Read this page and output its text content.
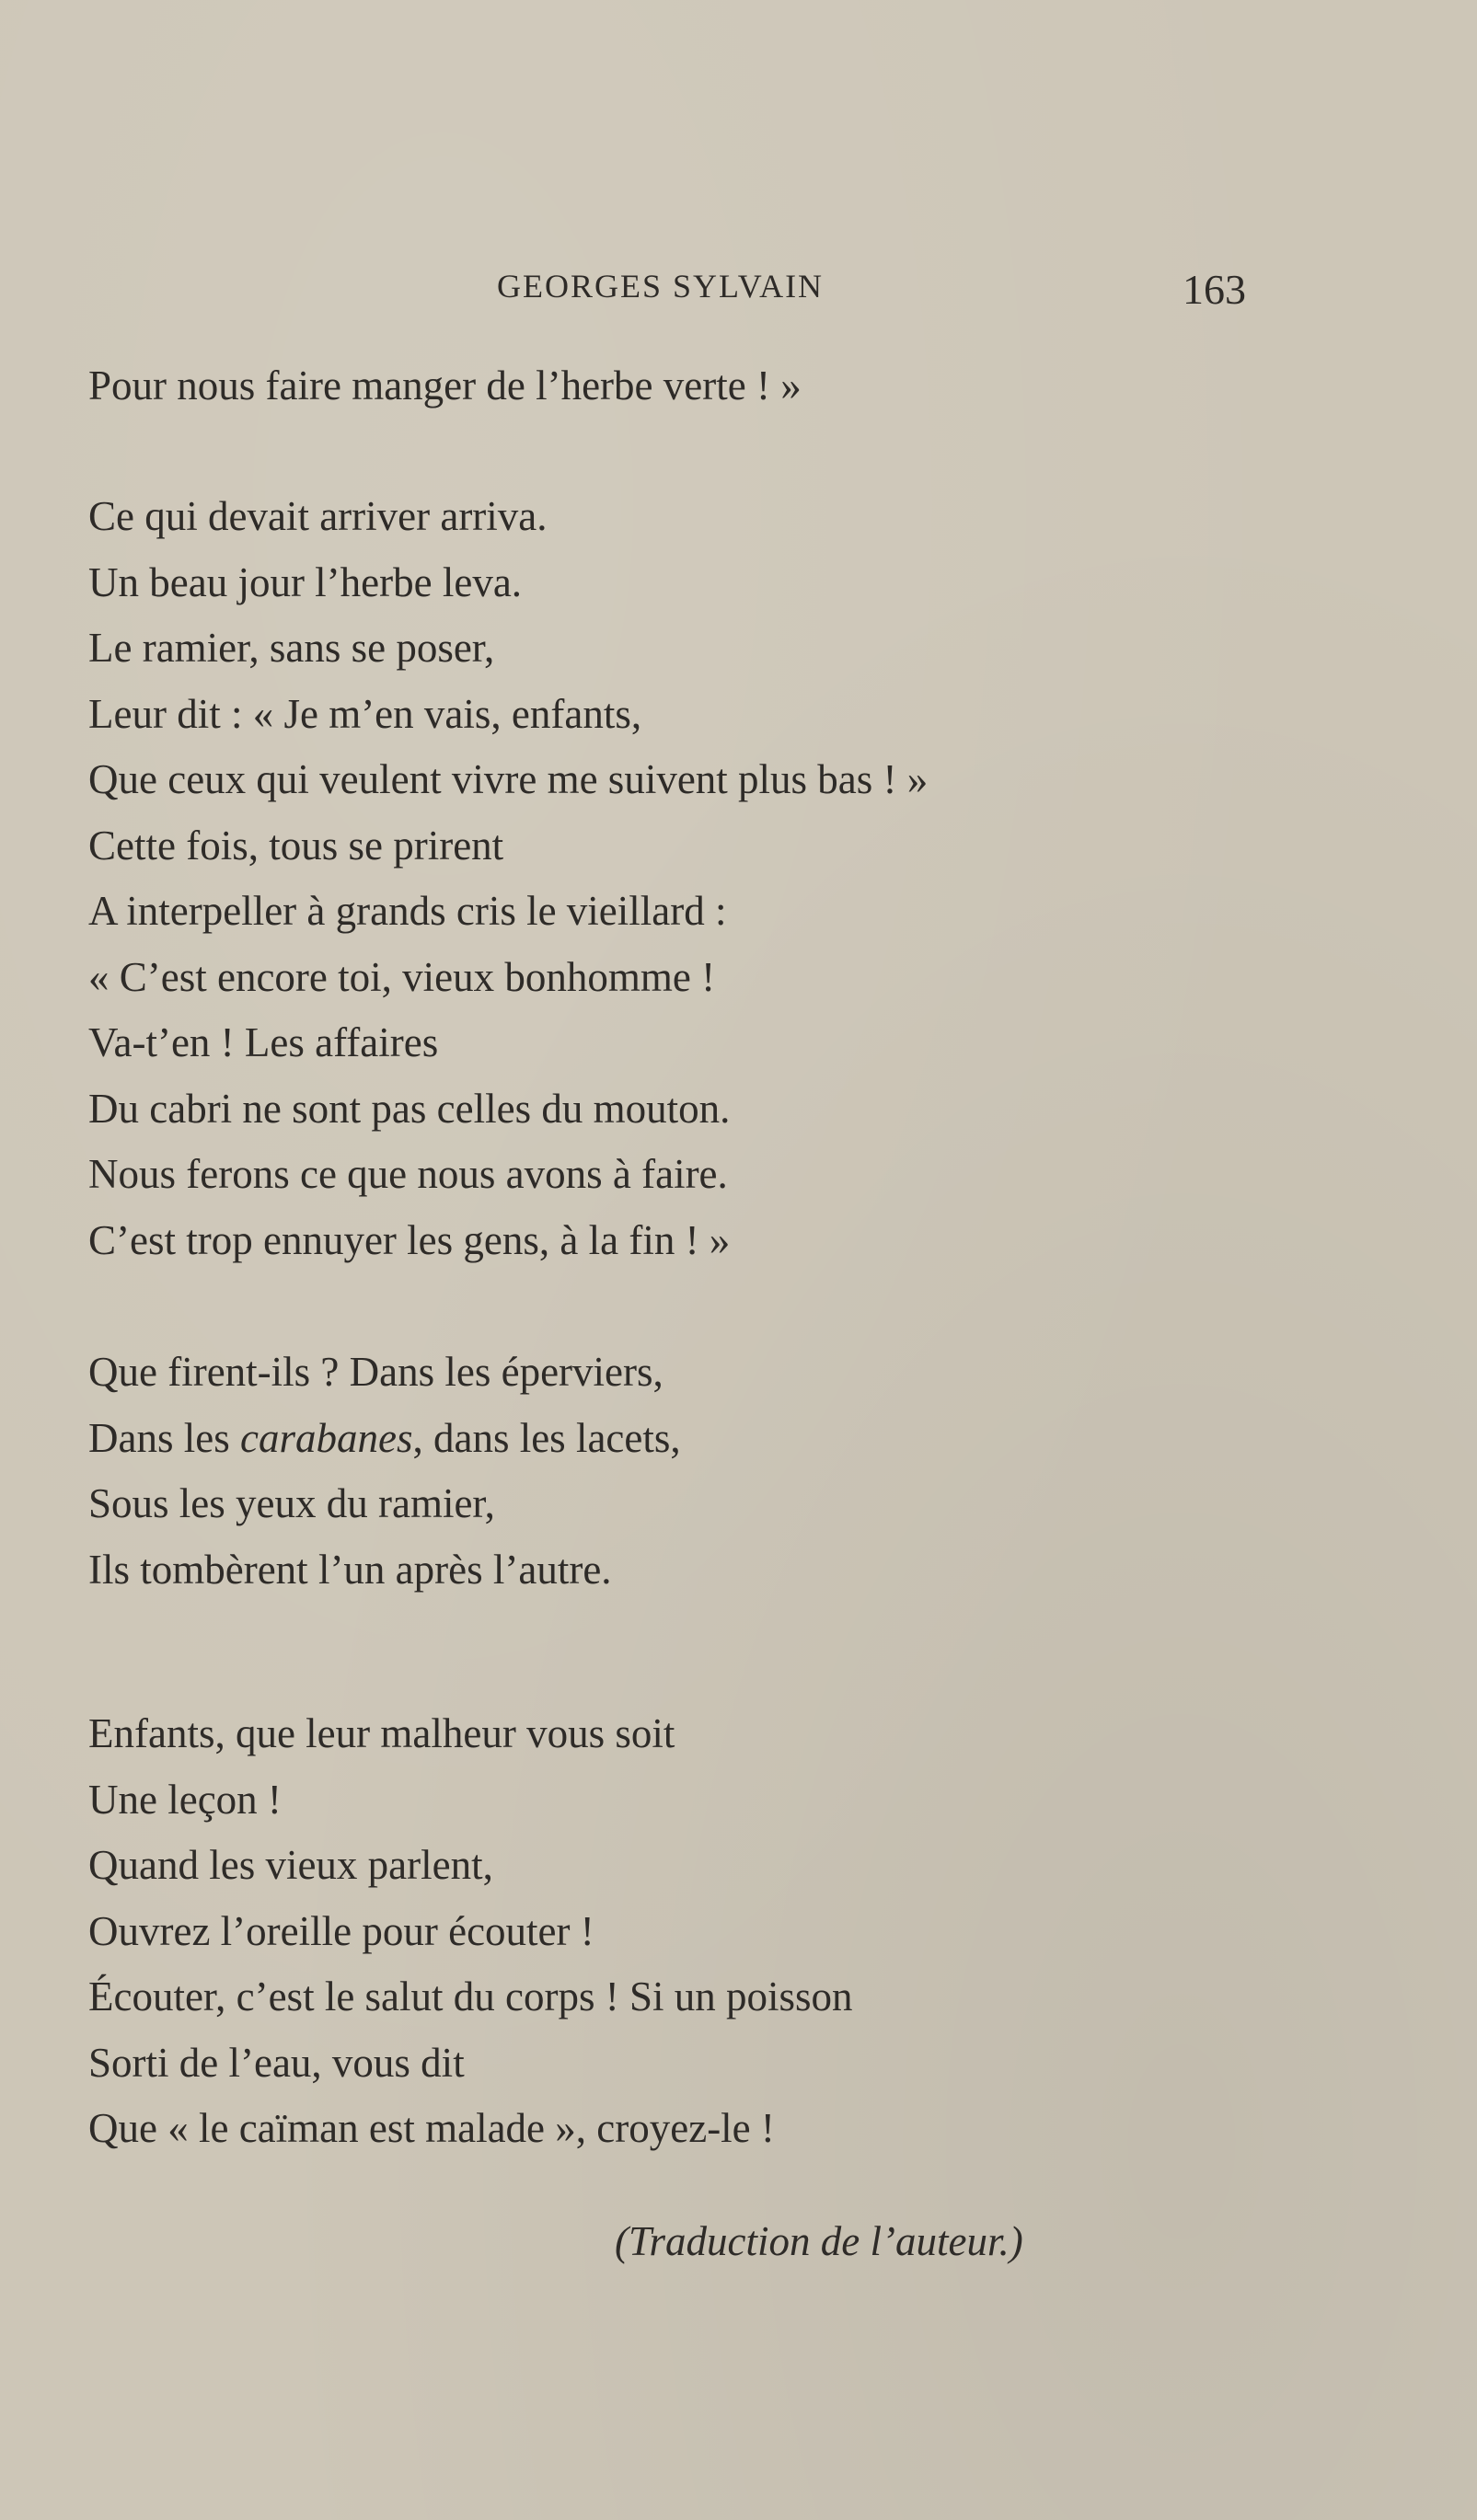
GEORGES SYLVAIN	163
Pour nous faire manger de l’herbe verte ! »
Ce qui devait arriver arriva.
Un beau jour l’herbe leva.
Le ramier, sans se poser,
Leur dit : « Je m’en vais, enfants,
Que ceux qui veulent vivre me suivent plus bas ! »
Cette fois, tous se prirent
A interpeller à grands cris le vieillard :
« C’est encore toi, vieux bonhomme !
Va-t’en ! Les affaires
Du cabri ne sont pas celles du mouton.
Nous ferons ce que nous avons à faire.
C’est trop ennuyer les gens, à la fin ! »
Que firent-ils ? Dans les éperviers,
Dans les carabanes, dans les lacets,
Sous les yeux du ramier,
Ils tombèrent l’un après l’autre.
Enfants, que leur malheur vous soit
Une leçon !
Quand les vieux parlent,
Ouvrez l’oreille pour écouter !
Écouter, c’est le salut du corps ! Si un poisson
Sorti de l’eau, vous dit
Que « le caïman est malade », croyez-le !
(Traduction de l’auteur.)
